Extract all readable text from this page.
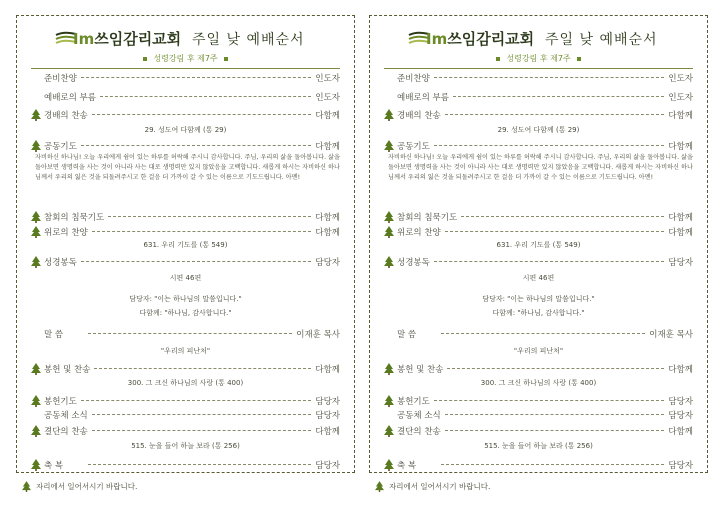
Im쓰임감리교회 주일 낮 예배순서
성령강림 후 제7주
준비찬양	인도자
예배로의 부름	인도자
경배의 찬송	다함께
29. 성도여 다함께 (통 29)
공동기도	다함께
자비하신 하나님! 오늘 우리에게 쉼이 있는 하루를 허락해 주시니 감사합니다. 주님, 우리의 삶을 돌아봅니다. 삶을 돌아보면 생명력을 사는 것이 아니라 사는 대로 생명력만 있지 않았음을 고백합니다. 새롭게 하시는 자비하신 하나님께서 우리의 잃은 것을 되돌려주시고 한 걸음 더 가까이 갈 수 있는 이름으로 기도드립니다. 아멘!
참회의 침묵기도	다함께
위로의 찬양	다함께
631. 우리 기도를 (통 549)
성경봉독	담당자
시편 46편
담당자: "이는 하나님의 말씀입니다."
다함께: "하나님, 감사합니다."
말 씀	이재훈 목사
"우리의 피난처"
봉헌 및 찬송	다함께
300. 그 크신 하나님의 사랑 (통 400)
봉헌기도	담당자
공동체 소식	담당자
결단의 찬송	다함께
515. 눈을 들어 하늘 보라 (통 256)
축 복	담당자
Im쓰임감리교회 주일 낮 예배순서
성령강림 후 제7주
준비찬양	인도자
예배로의 부름	인도자
경배의 찬송	다함께
29. 성도여 다함께 (통 29)
공동기도	다함께
자비하신 하나님! 오늘 우리에게 쉼이 있는 하루를 허락해 주시니 감사합니다. 주님, 우리의 삶을 돌아봅니다. 삶을 돌아보면 생명력을 사는 것이 아니라 사는 대로 생명력만 있지 않았음을 고백합니다. 새롭게 하시는 자비하신 하나님께서 우리의 잃은 것을 되돌려주시고 한 걸음 더 가까이 갈 수 있는 이름으로 기도드립니다. 아멘!
참회의 침묵기도	다함께
위로의 찬양	다함께
631. 우리 기도를 (통 549)
성경봉독	담당자
시편 46편
담당자: "이는 하나님의 말씀입니다."
다함께: "하나님, 감사합니다."
말 씀	이재훈 목사
"우리의 피난처"
봉헌 및 찬송	다함께
300. 그 크신 하나님의 사랑 (통 400)
봉헌기도	담당자
공동체 소식	담당자
결단의 찬송	다함께
515. 눈을 들어 하늘 보라 (통 256)
축 복	담당자
자리에서 일어서시기 바랍니다.	자리에서 일어서시기 바랍니다.
